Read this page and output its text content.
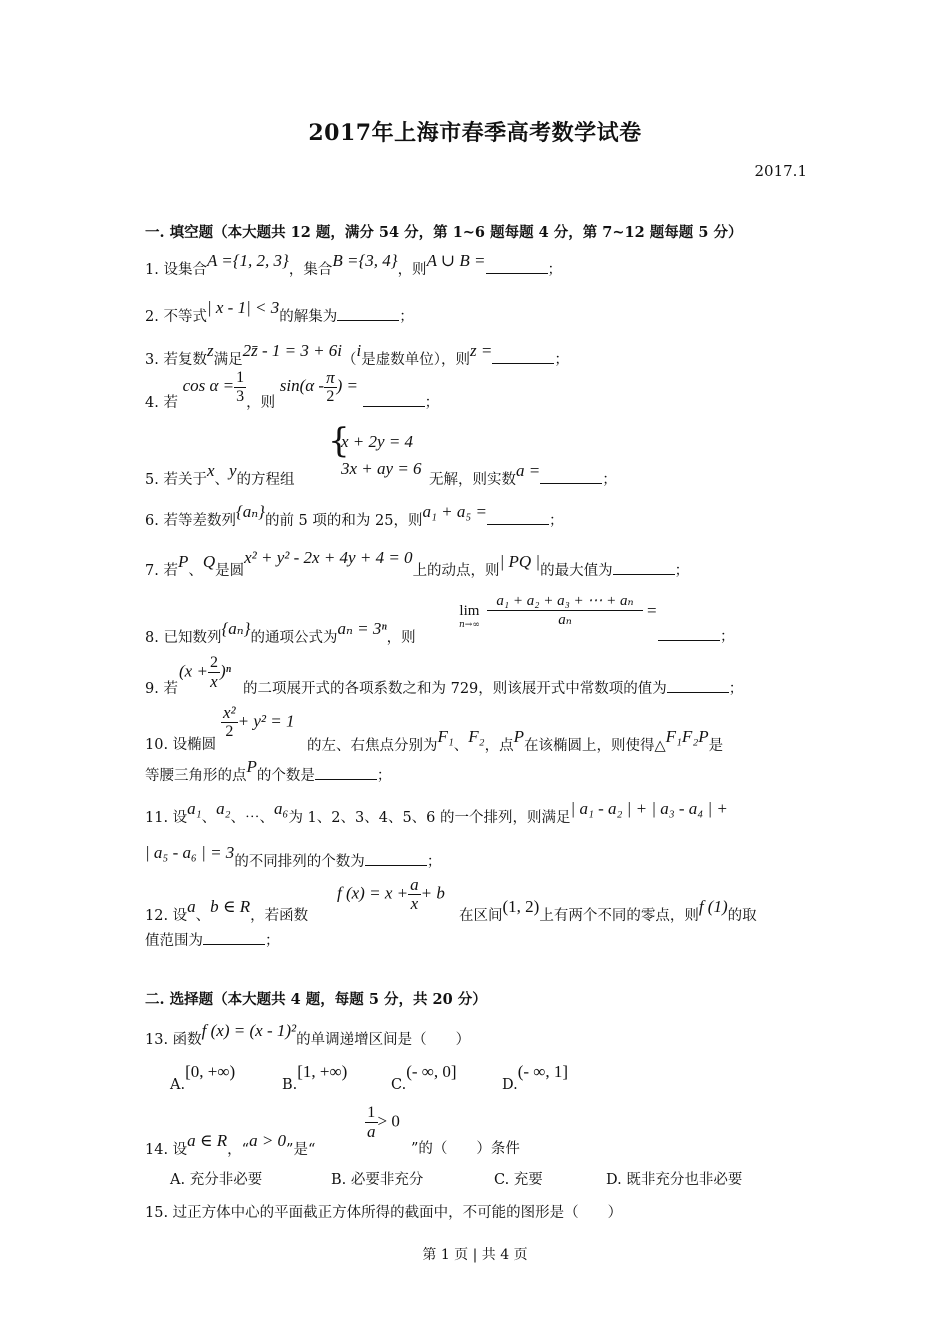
2017年上海市春季高考数学试卷
2017.1
一. 填空题（本大题共 12 题，满分 54 分，第 1~6 题每题 4 分，第 7~12 题每题 5 分）
1. 设集合A ={1, 2, 3}，集合B ={3, 4}，则A ∪ B =	；
2. 不等式| x - 1| < 3的解集为	；
3. 若复数z满足2z̄ - 1 = 3 + 6i（i是虚数单位），则z =	；
4. 若 $\cos \alpha = \frac{1}{3}$ ，则 $\sin(\alpha - \frac{\pi}{2}$ ) = ；
5. 若关于x、y的方程组
{
x + 2y = 4
3x + ay = 6
无解，则实数a =	；
6. 若等差数列{aₙ}的前 5 项的和为 25，则a₁ + a₅ =	；
7. 若P、Q是圆x² + y² - 2x + 4y + 4 = 0上的动点，则| PQ |的最大值为	；
8. 已知数列{aₙ}的通项公式为aₙ = 3ⁿ，则
lim
$n\to\infty \frac{\text{a₁ + a₂ + a₃ + ⋯ + aₙ}}{\text{aₙ}}$ =
；
9. 若
$(x + \frac{2}{x} )^n$
的二项展开式的各项系数之和为 729，则该展开式中常数项的值为	；
10. 设椭圆
$\frac{\text{x²}}{2} + y^2 = 1$
的左、右焦点分别为F₁、F₂，点P在该椭圆上，则使得△F₁F₂P是
等腰三角形的点P的个数是	；
11. 设a₁、a₂、⋯、a₆为 1、2、3、4、5、6 的一个排列，则满足| a₁ - a₂ | + | a₃ - a₄ | +
| a₅ - a₆ | = 3的不同排列的个数为	；
12. 设a、b ∈ R，若函数
f $(x) = x + \frac{a}{x} + b$
在区间(1, 2)上有两个不同的零点，则f (1)的取
值范围为	；
二. 选择题（本大题共 4 题，每题 5 分，共 20 分）
13. 函数f (x) = (x - 1)²的单调递增区间是（　　）
A.[0, +∞)
B.[1, +∞)
C.(- ∞, 0]
D.(- ∞, 1]
14. 设a ∈ R，“a > 0”是“
$\frac{1}{a} > 0$
”的（　　）条件
A. 充分非必要	B. 必要非充分	C. 充要	D. 既非充分也非必要
15. 过正方体中心的平面截正方体所得的截面中，不可能的图形是（　　）
第 1 页 | 共 4 页
